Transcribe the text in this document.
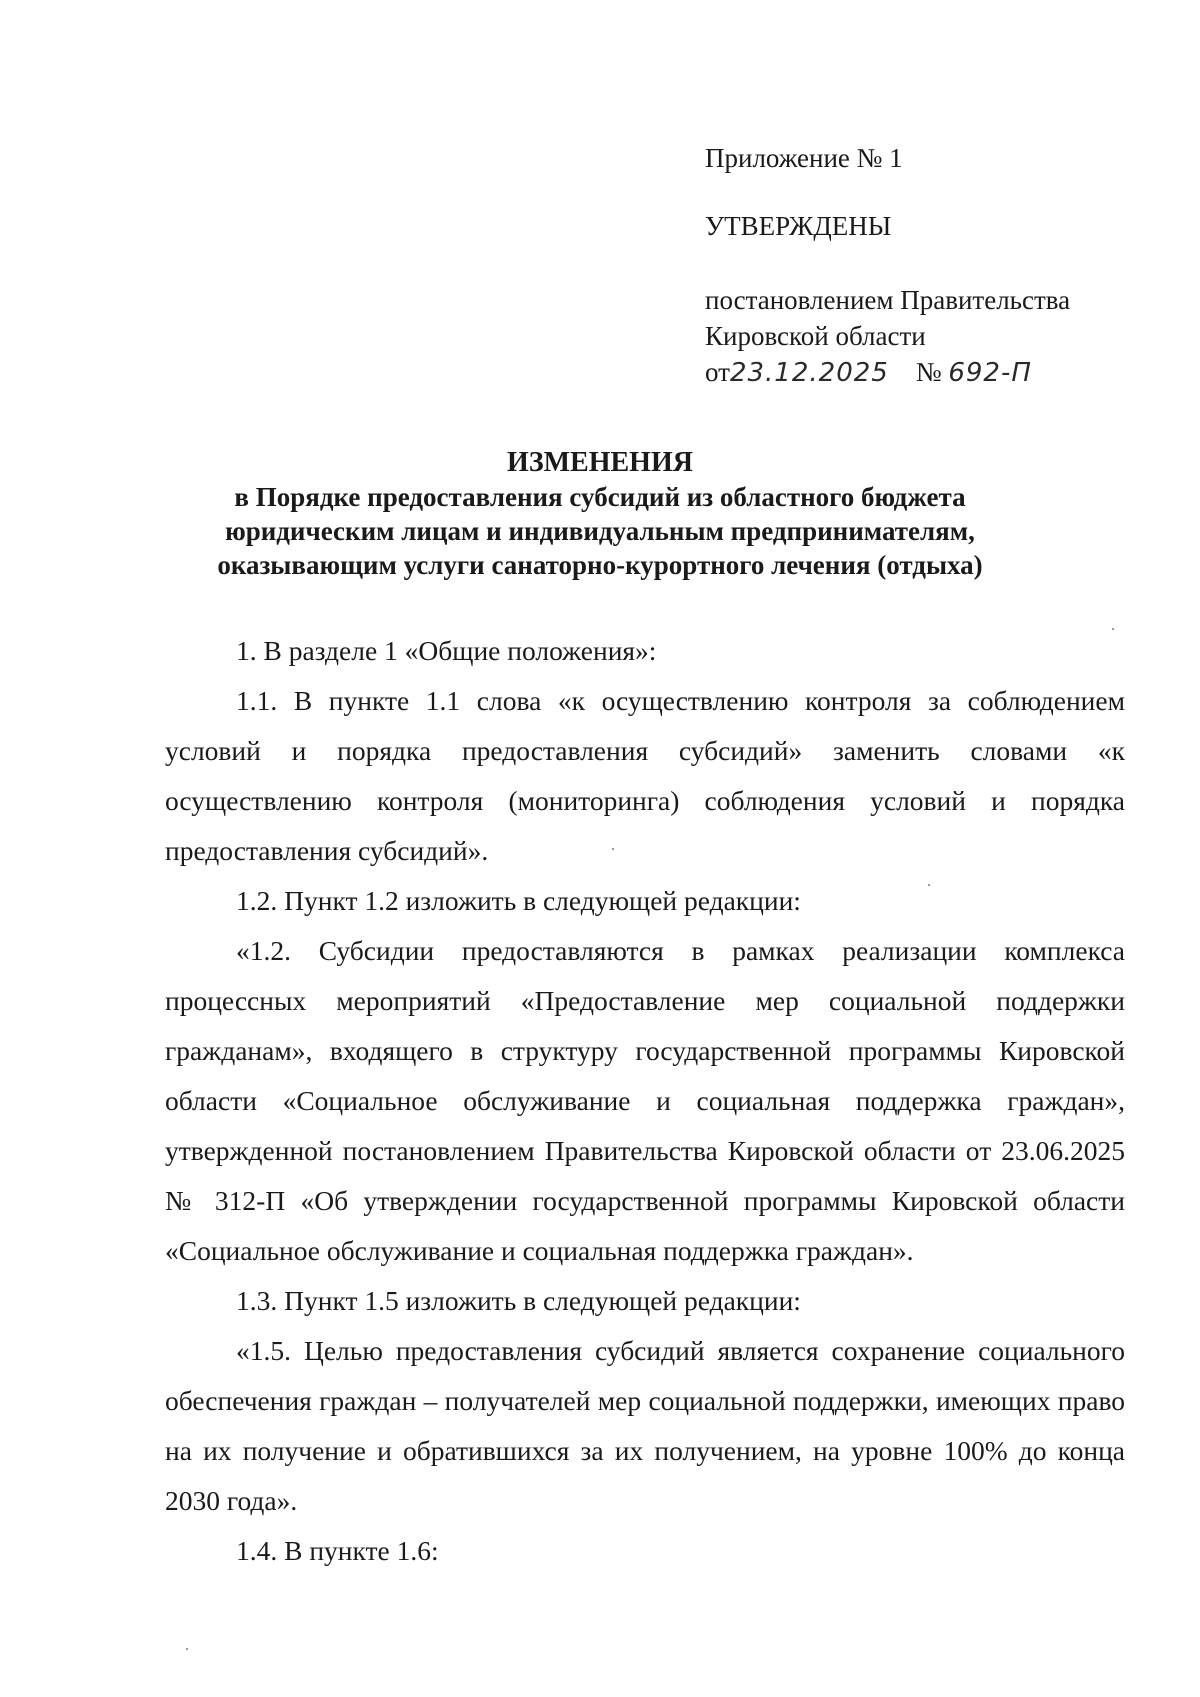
Приложение № 1
УТВЕРЖДЕНЫ
постановлением Правительства
Кировской области
от23.12.2025 № 692-П
ИЗМЕНЕНИЯ
в Порядке предоставления субсидий из областного бюджета юридическим лицам и индивидуальным предпринимателям, оказывающим услуги санаторно-курортного лечения (отдыха)

1. В разделе 1 «Общие положения»:

1.1. В пункте 1.1 слова «к осуществлению контроля за соблюдением условий и порядка предоставления субсидий» заменить словами «к осуществлению контроля (мониторинга) соблюдения условий и порядка предоставления субсидий».

1.2. Пункт 1.2 изложить в следующей редакции:

«1.2. Субсидии предоставляются в рамках реализации комплекса процессных мероприятий «Предоставление мер социальной поддержки гражданам», входящего в структуру государственной программы Кировской области «Социальное обслуживание и социальная поддержка граждан», утвержденной постановлением Правительства Кировской области от 23.06.2025 № 312-П «Об утверждении государственной программы Кировской области «Социальное обслуживание и социальная поддержка граждан».

1.3. Пункт 1.5 изложить в следующей редакции:

«1.5. Целью предоставления субсидий является сохранение социального обеспечения граждан – получателей мер социальной поддержки, имеющих право на их получение и обратившихся за их получением, на уровне 100% до конца 2030 года».

1.4. В пункте 1.6:
